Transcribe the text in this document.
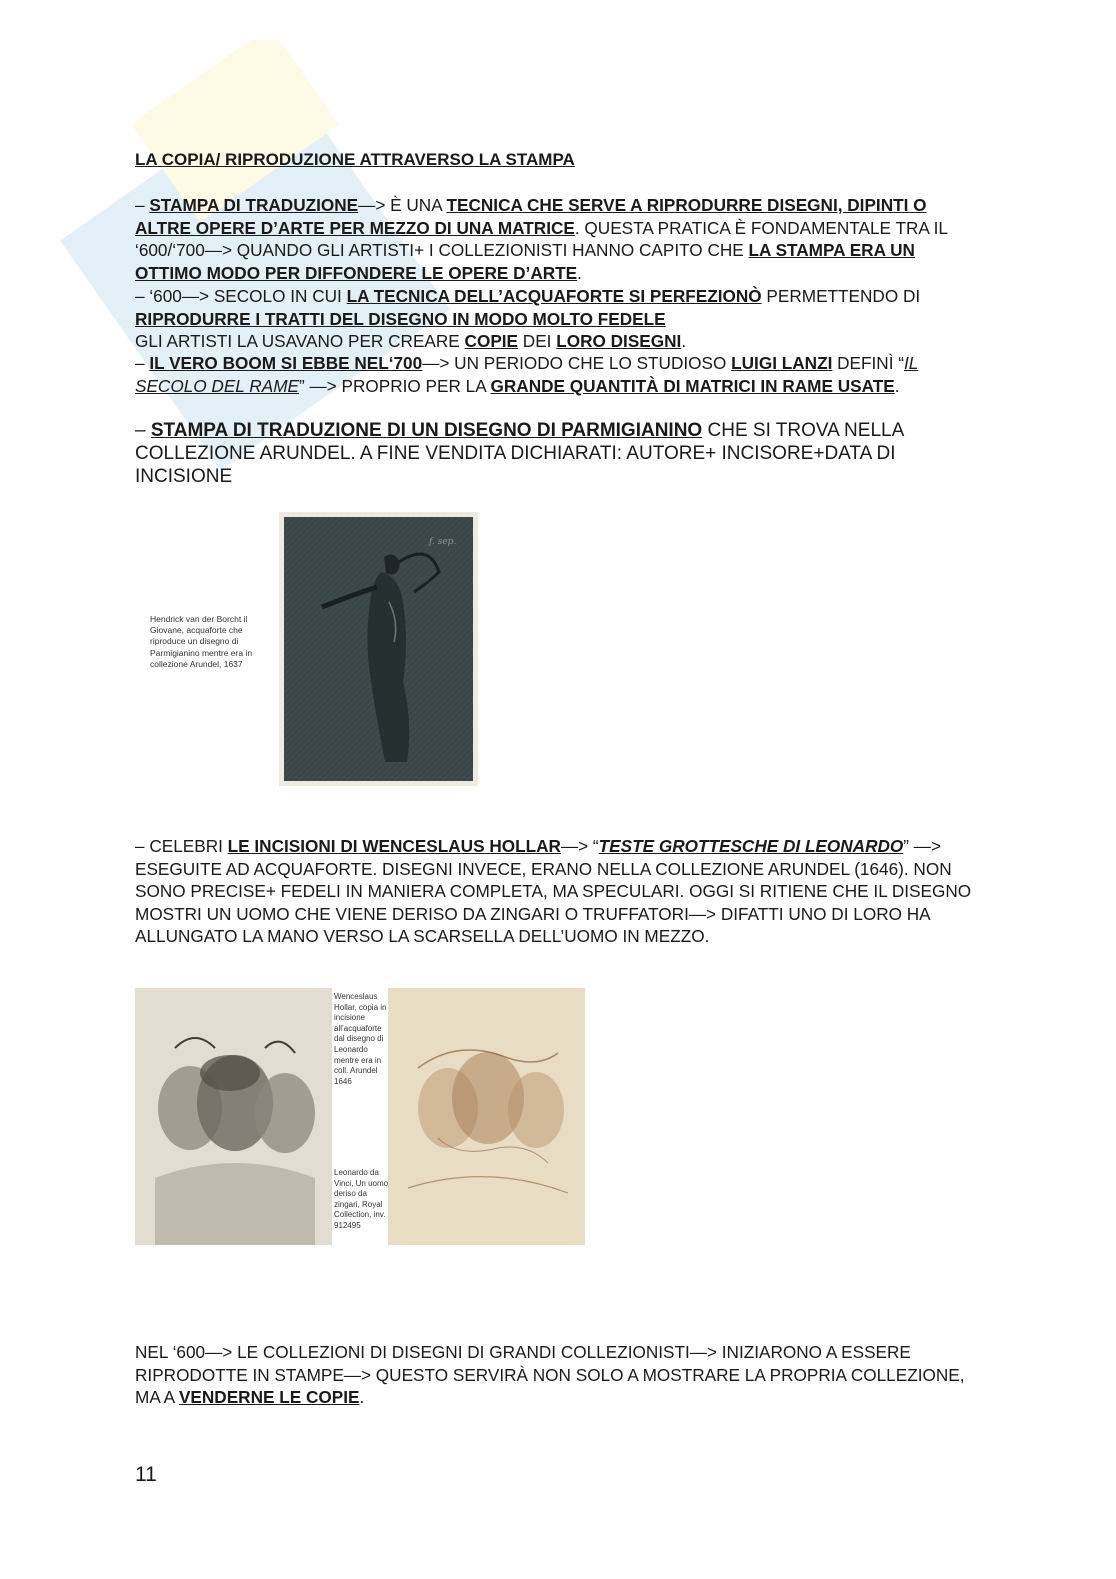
LA COPIA/ RIPRODUZIONE ATTRAVERSO LA STAMPA
– STAMPA DI TRADUZIONE—> È UNA TECNICA CHE SERVE A RIPRODURRE DISEGNI, DIPINTI O ALTRE OPERE D’ARTE PER MEZZO DI UNA MATRICE. QUESTA PRATICA È FONDAMENTALE TRA IL ‘600/‘700—> QUANDO GLI ARTISTI+ I COLLEZIONISTI HANNO CAPITO CHE LA STAMPA ERA UN OTTIMO MODO PER DIFFONDERE LE OPERE D’ARTE.
– ‘600—> SECOLO IN CUI LA TECNICA DELL’ACQUAFORTE SI PERFEZIONÒ PERMETTENDO DI RIPRODURRE I TRATTI DEL DISEGNO IN MODO MOLTO FEDELE
GLI ARTISTI LA USAVANO PER CREARE COPIE DEI LORO DISEGNI.
– IL VERO BOOM SI EBBE NEL‘700—> UN PERIODO CHE LO STUDIOSO LUIGI LANZI DEFINÌ “IL SECOLO DEL RAME” —> PROPRIO PER LA GRANDE QUANTITÀ DI MATRICI IN RAME USATE.
– STAMPA DI TRADUZIONE DI UN DISEGNO DI PARMIGIANINO CHE SI TROVA NELLA COLLEZIONE ARUNDEL. A FINE VENDITA DICHIARATI: AUTORE+ INCISORE+DATA DI INCISIONE
Hendrick van der Borcht il Giovane, acquaforte che riproduce un disegno di Parmigianino mentre era in collezione Arundel, 1637
f. sep.
– CELEBRI LE INCISIONI DI WENCESLAUS HOLLAR—> “TESTE GROTTESCHE DI LEONARDO” —> ESEGUITE AD ACQUAFORTE. DISEGNI INVECE, ERANO NELLA COLLEZIONE ARUNDEL (1646). NON SONO PRECISE+ FEDELI IN MANIERA COMPLETA, MA SPECULARI. OGGI SI RITIENE CHE IL DISEGNO MOSTRI UN UOMO CHE VIENE DERISO DA ZINGARI O TRUFFATORI—> DIFATTI UNO DI LORO HA ALLUNGATO LA MANO VERSO LA SCARSELLA DELL’UOMO IN MEZZO.
Wenceslaus Hollar, copia in incisione all’acquaforte dal disegno di Leonardo mentre era in coll. Arundel 1646
Leonardo da Vinci, Un uomo deriso da zingari, Royal Collection, inv. 912495
NEL ‘600—> LE COLLEZIONI DI DISEGNI DI GRANDI COLLEZIONISTI—> INIZIARONO A ESSERE RIPRODOTTE IN STAMPE—> QUESTO SERVIRÀ NON SOLO A MOSTRARE LA PROPRIA COLLEZIONE, MA A VENDERNE LE COPIE.
11
